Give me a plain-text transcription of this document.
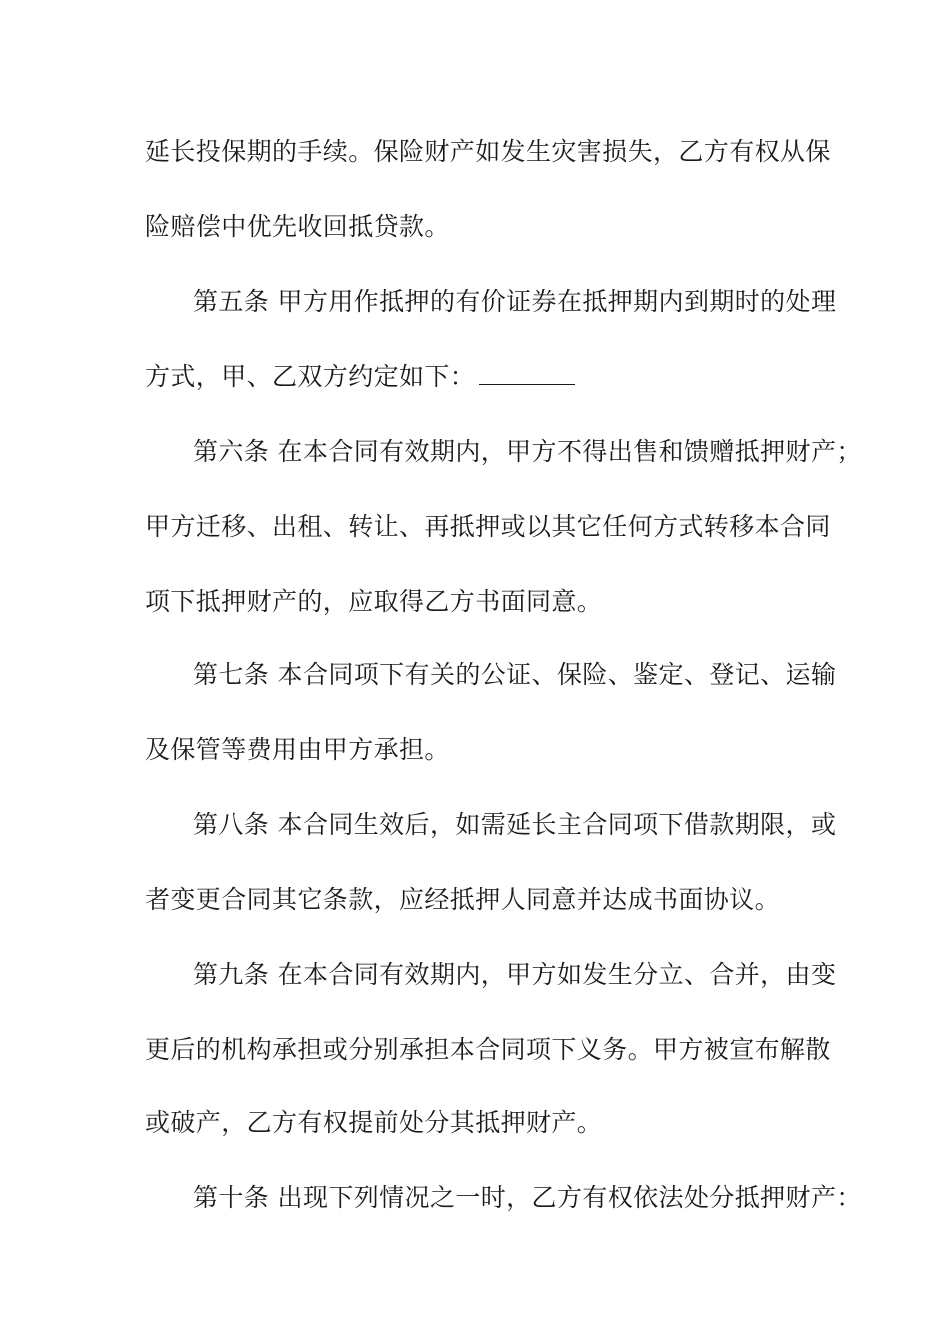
延长投保期的手续。保险财产如发生灾害损失，乙方有权从保
险赔偿中优先收回抵贷款。
第五条 甲方用作抵押的有价证券在抵押期内到期时的处理
方式，甲、乙双方约定如下：
第六条 在本合同有效期内，甲方不得出售和馈赠抵押财产；
甲方迁移、出租、转让、再抵押或以其它任何方式转移本合同
项下抵押财产的，应取得乙方书面同意。
第七条 本合同项下有关的公证、保险、鉴定、登记、运输
及保管等费用由甲方承担。
第八条 本合同生效后，如需延长主合同项下借款期限，或
者变更合同其它条款，应经抵押人同意并达成书面协议。
第九条 在本合同有效期内，甲方如发生分立、合并，由变
更后的机构承担或分别承担本合同项下义务。甲方被宣布解散
或破产，乙方有权提前处分其抵押财产。
第十条 出现下列情况之一时，乙方有权依法处分抵押财产：
